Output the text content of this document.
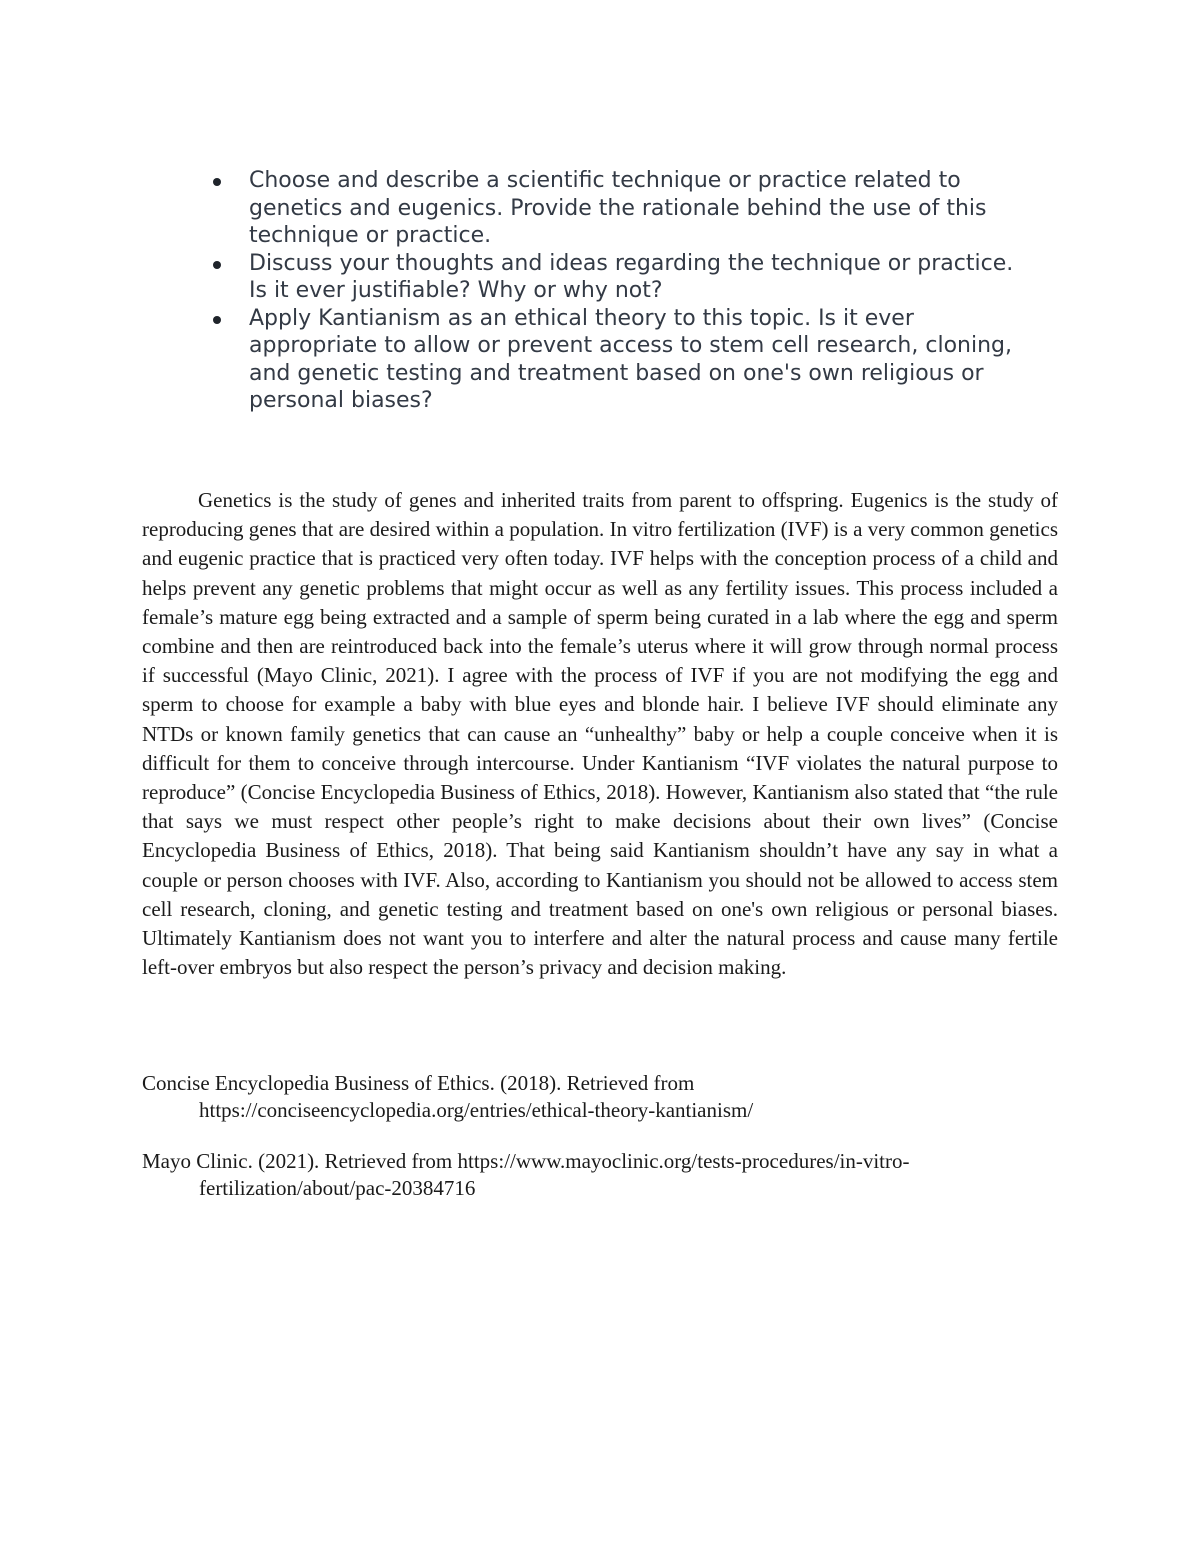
Choose and describe a scientific technique or practice related to genetics and eugenics. Provide the rationale behind the use of this technique or practice.
Discuss your thoughts and ideas regarding the technique or practice. Is it ever justifiable? Why or why not?
Apply Kantianism as an ethical theory to this topic. Is it ever appropriate to allow or prevent access to stem cell research, cloning, and genetic testing and treatment based on one's own religious or personal biases?

Genetics is the study of genes and inherited traits from parent to offspring. Eugenics is the study of reproducing genes that are desired within a population. In vitro fertilization (IVF) is a very common genetics and eugenic practice that is practiced very often today. IVF helps with the conception process of a child and helps prevent any genetic problems that might occur as well as any fertility issues. This process included a female’s mature egg being extracted and a sample of sperm being curated in a lab where the egg and sperm combine and then are reintroduced back into the female’s uterus where it will grow through normal process if successful (Mayo Clinic, 2021). I agree with the process of IVF if you are not modifying the egg and sperm to choose for example a baby with blue eyes and blonde hair. I believe IVF should eliminate any NTDs or known family genetics that can cause an “unhealthy” baby or help a couple conceive when it is difficult for them to conceive through intercourse. Under Kantianism “IVF violates the natural purpose to reproduce” (Concise Encyclopedia Business of Ethics, 2018). However, Kantianism also stated that “the rule that says we must respect other people’s right to make decisions about their own lives” (Concise Encyclopedia Business of Ethics, 2018). That being said Kantianism shouldn’t have any say in what a couple or person chooses with IVF. Also, according to Kantianism you should not be allowed to access stem cell research, cloning, and genetic testing and treatment based on one's own religious or personal biases. Ultimately Kantianism does not want you to interfere and alter the natural process and cause many fertile left-over embryos but also respect the person’s privacy and decision making.

Concise Encyclopedia Business of Ethics. (2018). Retrieved from https://conciseencyclopedia.org/entries/ethical-theory-kantianism/

Mayo Clinic. (2021). Retrieved from https://www.mayoclinic.org/tests-procedures/in-vitro-fertilization/about/pac-20384716
